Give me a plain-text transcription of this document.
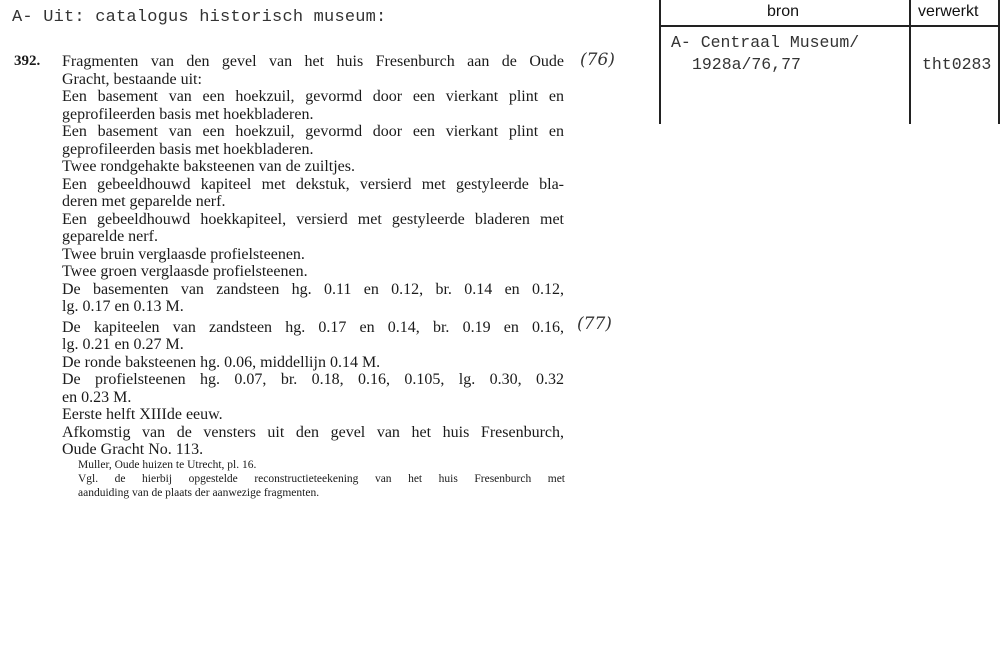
A- Uit: catalogus historisch museum:	bron	verwerkt
A- Centraal Museum/
1928a/76,77	tht0283
392. Fragmenten van den gevel van het huis Fresenburch aan de Oude
Gracht, bestaande uit:
Een basement van een hoekzuil, gevormd door een vierkant plint en
geprofileerden basis met hoekbladeren.
Een basement van een hoekzuil, gevormd door een vierkant plint en
geprofileerden basis met hoekbladeren.
Twee rondgehakte baksteenen van de zuiltjes.
Een gebeeldhouwd kapiteel met dekstuk, versierd met gestyleerde bla-
deren met geparelde nerf.
Een gebeeldhouwd hoekkapiteel, versierd met gestyleerde bladeren met
geparelde nerf.
Twee bruin verglaasde profielsteenen.
Twee groen verglaasde profielsteenen.
De basementen van zandsteen hg. 0.11 en 0.12, br. 0.14 en 0.12,
lg. 0.17 en 0.13 M.
De kapiteelen van zandsteen hg. 0.17 en 0.14, br. 0.19 en 0.16,
lg. 0.21 en 0.27 M.
De ronde baksteenen hg. 0.06, middellijn 0.14 M.
De profielsteenen hg. 0.07, br. 0.18, 0.16, 0.105, lg. 0.30, 0.32
en 0.23 M.
Eerste helft XIIIde eeuw.
Afkomstig van de vensters uit den gevel van het huis Fresenburch,
Oude Gracht No. 113.
Muller, Oude huizen te Utrecht, pl. 16.
Vgl. de hierbij opgestelde reconstructieteekening van het huis Fresenburch met
aanduiding van de plaats der aanwezige fragmenten.
(76)
(77)
